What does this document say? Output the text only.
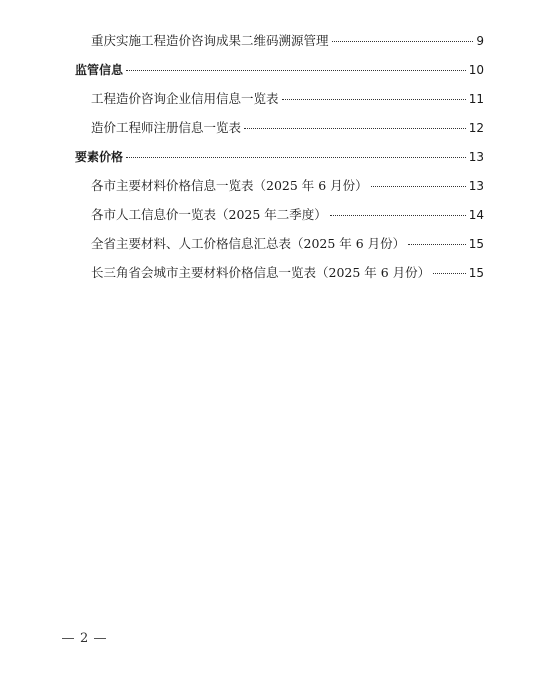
重庆实施工程造价咨询成果二维码溯源管理	9
监管信息	10
工程造价咨询企业信用信息一览表	11
造价工程师注册信息一览表	12
要素价格	13
各市主要材料价格信息一览表（2025 年 6 月份）	13
各市人工信息价一览表（2025 年二季度）	14
全省主要材料、人工价格信息汇总表（2025 年 6 月份）	15
长三角省会城市主要材料价格信息一览表（2025 年 6 月份）	15
2
